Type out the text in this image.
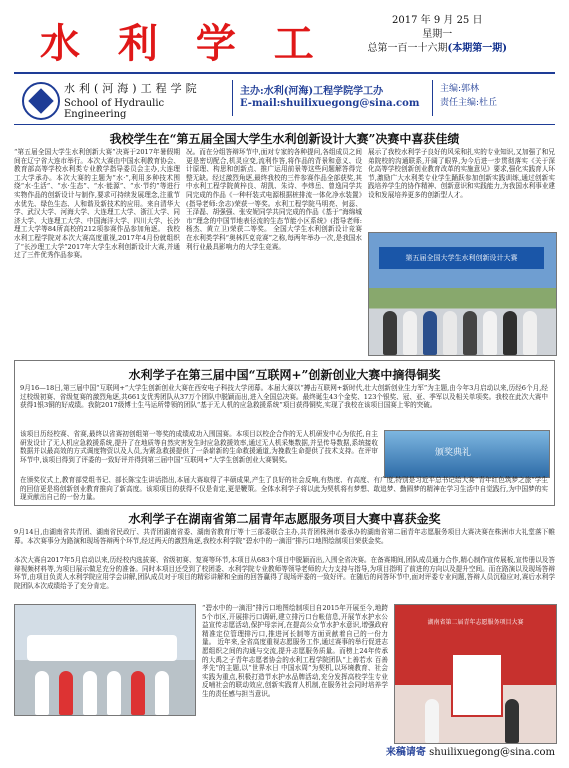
水 利 学 工	2017 年 9 月 25 日
星期一
总第一百一十六期(本期第一期)
水利(河海)工程学院
School of Hydraulic Engineering
主办:水利(河海)工程学院学工办
E-mail:shuilixuegong@sina.com
主编:郭林
责任主编:杜丘
我校学生在“第五届全国大学生水利创新设计大赛”决赛中喜获佳绩

“第五届全国大学生水利创新大赛”决赛于2017年暑假期间在辽宁省大连市举行。本次大赛由中国水利教育协会、教育部高等学校水利类专业教学指导委员会主办,大连理工大学承办。本次大赛的主题为“水·”,利用多种技术围绕“水·生活”、“水·生态”、“水·能源”、“水·节约”等进行实物作品的创新设计与制作,要求可持续发展理念,注重节水优先、绿色生态、人和谐及新技术的应用。来自清华大学、武汉大学、河海大学、大连理工大学、浙江大学、同济大学、大连理工大学、中国海洋大学、四川大学、长沙理工大学等84所高校的212项参赛作品参加角逐。 我校水利工程学院对本次大赛高度重视,2017年4月份就组织了“长沙理工大学”2017年大学生水利创新设计大赛,并通过了三件优秀作品参赛。

况。而在分组答辩环节中,面对专家的各种提问,各组成员之间更是密切配合,机灵应变,流利作答,将作品的背景和意义、设计原理、构思和创新点、推广运用前景等这些问题解答得完整无缺。经过激烈角逐,最终我校的三件参赛作品全部获奖,其中水利工程学院黄梓良、胡凯、朱诗、李炜岳、曾逸同学共同完成的作品《一种杆装式电源根据桩排流一体化净水装置》(指导老师:余志)荣获一等奖。水利工程学院马明亮、何蕊、王泽磊、胡强强、张安妮同学共同完成的作品《基于“海绵城市”理念的中国节地表径流的生态节能小区系统》(指导老师:杨杰、黄立卫)荣获二等奖。 全国大学生水利创新设计竞赛在水利类学科“奥林匹克竞赛”之称,每两年举办一次,是我国水利行业最具影响力的大学生竞赛。

展示了我校水利学子良好的风采和扎实的专业知识,又加强了和兄弟院校的沟通联系,开阔了眼界,为今后进一步贯彻落实《关于深化高等学校创新创业教育改革的实施意见》要求,强化实践育人环节,激励广大水利类专业学生踊跃参加创新实践训练,通过创新实践培养学生的协作精神、创新意识和实践能力,为我国水利事业建设和发展培养更多的创新型人才。

第五届全国大学生水利创新设计大赛
水利学子在第三届中国“互联网+”创新创业大赛中摘得铜奖

9月16—18日,第三届中国“互联网+”大学生创新创业大赛在西安电子科技大学闭幕。本届大赛以“搏击互联网+新时代,壮大创新创业生力军”为主题,由今年3月启动以来,历经6个月,经过校级初赛、省级复赛的激烈角逐,共661支优秀团队从37万个团队中脱颖而出,进入全国总决赛。最终诞生43个金奖、123个银奖、冠、亚、季军以及相关单项奖。我校在此次大赛中获得1银3铜的好成绩。我院2017级博士生马运所带领的团队“基于无人机的应急救援系统”项目获得铜奖,实现了我校在该项目国赛上零的突破。

该项目历经校赛、省赛,最终以省赛初创组第一等奖的成绩成功入围国赛。本项目以校企合作的无人机研发中心为依托,自主研发设计了无人机应急救援系统,提升了在地质等自然灾害发生时应急救援效率,通过无人机采集数据,并呈传导数据,系统接收数据并以最高效的方式调度物资以及人员,为紧急救援提供了一条崭新的生命救援通道,为挽救生命提供了技术支持。在评审环节中,该项目得到了评委的一致好评并得到第三届中国“互联网+”大学生创新创业大赛铜奖。

颁奖典礼

在颁奖仪式上,教育部党组书记、部长陈宝生讲话指出,本届大赛取得了丰硕成果,产生了良好的社会反响,有热度、有高度、有广度,特别是习近平总书记给大赛“青年红色筑梦之旅”学生的回信更是将创新创业教育推向了新高度。该项项目的获得不仅是肯定,更是鞭策。全体水利学子将以此为契机将有梦想、敢追梦、勤圆梦的精神在学习生活中自觉践行,为中国梦的实现贡献出自己的一份力量。

水利学子在湖南省第二届青年志愿服务项目大赛中喜获金奖

9月14日,由湖南省共青团、湖南省民政厅、共青团湖南省委、湖南省教育厅等十三部委联合主办,共青团株洲市委承办的湖南省第二届青年志愿服务项目大赛决赛在株洲市大礼堂落下帷幕。本次赛事分为路演和现场答辩两个环节,经过两天的激烈角逐,我校水利学院“碧水中的一滴泪”排污口地图绘制项目荣获金奖。

本次大赛自2017年5月启动以来,历经校内选拔赛、省级初赛、复赛等环节,本项目从683个项目中脱颖而出,入围全省决赛。在备赛期间,团队成员通力合作,精心制作宣传展板,宣传册以及答辩视频材料等,为项目展示做足充分的准备。同时本项目还受到了校团委、水利学院专业教师等领导老师的大力支持与指导,为项目指明了前进的方向以及提升空间。而在路演以及现场答辩环节,由项目负责人水利学院应用学会讲解,团队成员对于项目的精彩讲解和全面的回答赢得了现场评委的一致好评。在随后的问答环节中,面对评委专业问题,答辩人员沉稳应对,赛后水利学院团队本次成绩给予了充分肯定。

“碧水中的一滴泪”排污口地图绘制项目自2015年开展至今,地跨5个市区,开展排污口调研,建立排污口台帐信息,开展节水护水公益宣传志愿活动,保护母亲河,在提高公众节水护水意识,增强政府精准定位管理排污口,推进河长制等方面贡献着自己的一份力量。 近年来,全省高度重视志愿服务工作,通过赛事的举行促进志愿组织之间的沟通与交流,提升志愿服务质量。而榜上24年传承的大禹之子青年志愿者协会的水利工程学院团队“上善若水 百善孝先”的主题,以“世界水日 中国水周”为契机,以环境教育、社会实践为重点,积极打造节水护水品牌活动,充分发挥高校学生专业反哺社会的联动效应,创新实践育人机制,在服务社会同时培养学生的责任感与担当意识。

湖南省第二届青年志愿服务项目大赛
来稿请寄 shuilixuegong@sina.com
